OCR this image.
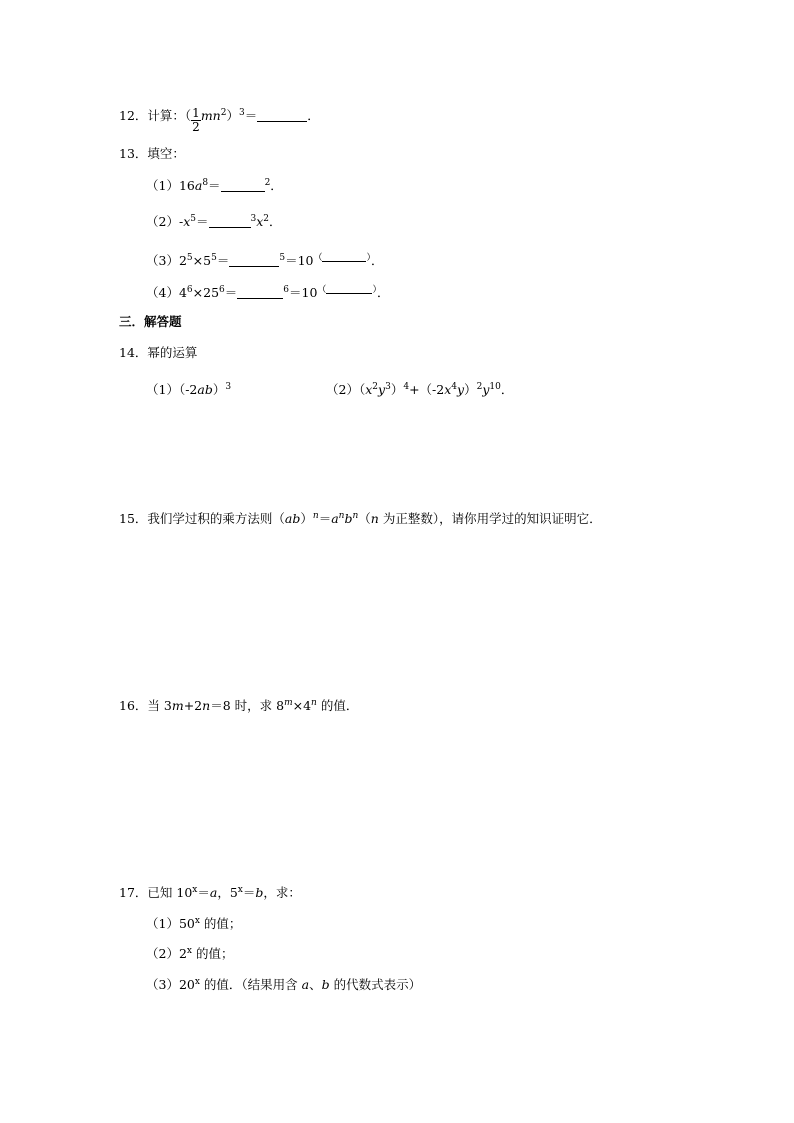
12．计算：（ $\frac{1}{2} mn^2)^3=$	．
13．填空：
$(1)16a^8=$	$^2$．
$(2)-x^5=$	$^3x^2$．
$(3)2^5\times 5^5=$	$^5$＝10（	）．
$(4)4^6\times 25^6=$	$^6$＝10（	）．
三．解答题
14．幂的运算
$(1)(-2ab)^3$	$(2)(x^2y^3)^4+(-2x^4y)^2y^{10}$．
15．我们学过积的乘方法则$(ab)^n=a^nb^n(n$ 为正整数），请你用学过的知识证明它．
16．当 3m+2n＝8 时，求 $8^m\times 4^n$ 的值．
17．已知 $10^x=a$，$5^x=b$，求：
（1）50$^x$ 的值；
（2）2$^x$ 的值；
（3）20$^x$ 的值．（结果用含 a、b 的代数式表示）
